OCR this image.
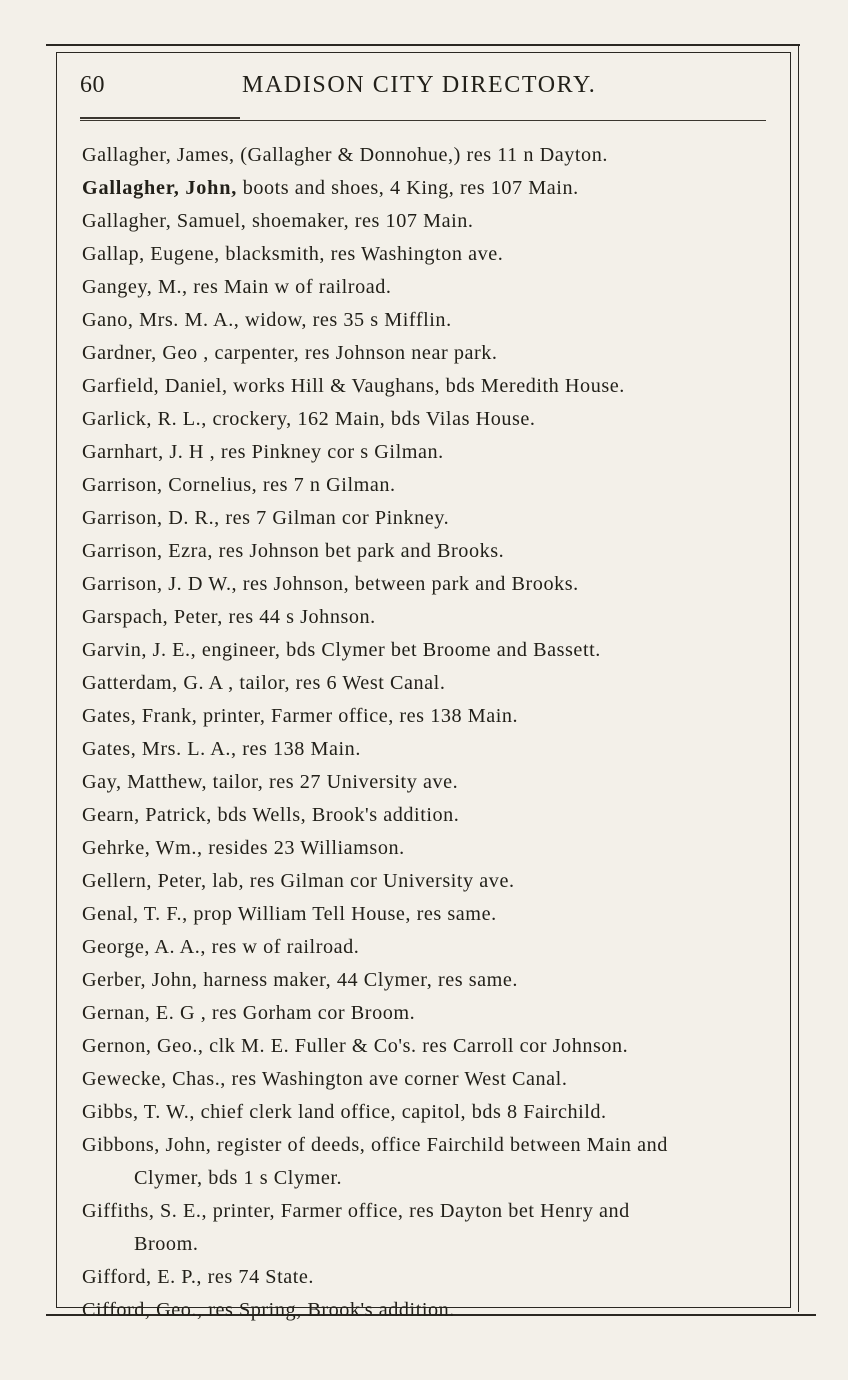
60	MADISON CITY DIRECTORY.
Gallagher, James, (Gallagher & Donnohue,) res 11 n Dayton.
Gallagher, John, boots and shoes, 4 King, res 107 Main.
Gallagher, Samuel, shoemaker, res 107 Main.
Gallap, Eugene, blacksmith, res Washington ave.
Gangey, M., res Main w of railroad.
Gano, Mrs. M. A., widow, res 35 s Mifflin.
Gardner, Geo , carpenter, res Johnson near park.
Garfield, Daniel, works Hill & Vaughans, bds Meredith House.
Garlick, R. L., crockery, 162 Main, bds Vilas House.
Garnhart, J. H , res Pinkney cor s Gilman.
Garrison, Cornelius, res 7 n Gilman.
Garrison, D. R., res 7 Gilman cor Pinkney.
Garrison, Ezra, res Johnson bet park and Brooks.
Garrison, J. D W., res Johnson, between park and Brooks.
Garspach, Peter, res 44 s Johnson.
Garvin, J. E., engineer, bds Clymer bet Broome and Bassett.
Gatterdam, G. A , tailor, res 6 West Canal.
Gates, Frank, printer, Farmer office, res 138 Main.
Gates, Mrs. L. A., res 138 Main.
Gay, Matthew, tailor, res 27 University ave.
Gearn, Patrick, bds Wells, Brook's addition.
Gehrke, Wm., resides 23 Williamson.
Gellern, Peter, lab, res Gilman cor University ave.
Genal, T. F., prop William Tell House, res same.
George, A. A., res w of railroad.
Gerber, John, harness maker, 44 Clymer, res same.
Gernan, E. G , res Gorham cor Broom.
Gernon, Geo., clk M. E. Fuller & Co's. res Carroll cor Johnson.
Gewecke, Chas., res Washington ave corner West Canal.
Gibbs, T. W., chief clerk land office, capitol, bds 8 Fairchild.
Gibbons, John, register of deeds, office Fairchild between Main and
Clymer, bds 1 s Clymer.
Giffiths, S. E., printer, Farmer office, res Dayton bet Henry and
Broom.
Gifford, E. P., res 74 State.
Cifford, Geo., res Spring, Brook's addition.
